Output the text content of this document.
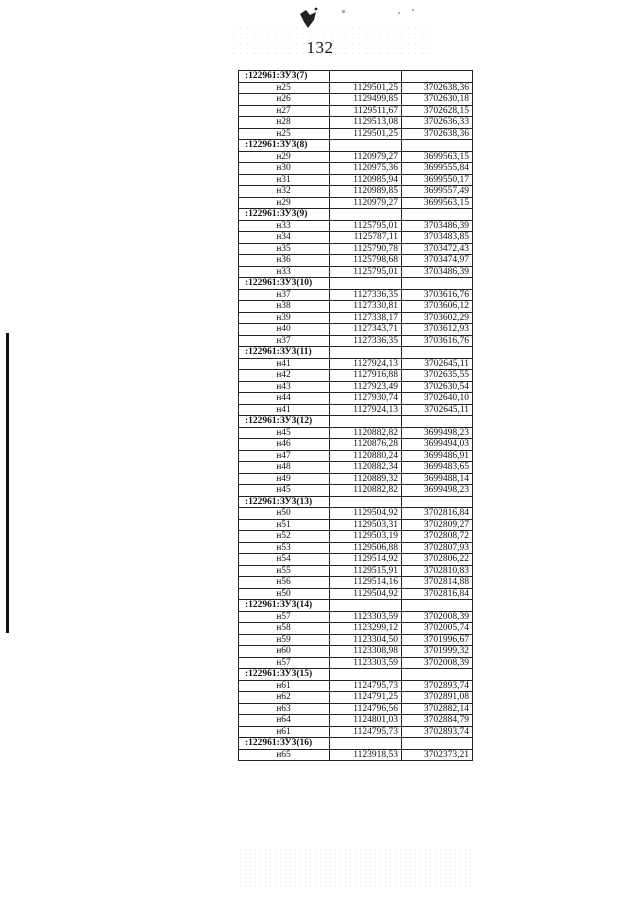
132
:122961:ЗУ3(7)		
н25	1129501,25	3702638,36
н26	1129499,85	3702630,18
н27	1129511,67	3702628,15
н28	1129513,08	3702636,33
н25	1129501,25	3702638,36
:122961:ЗУ3(8)		
н29	1120979,27	3699563,15
н30	1120975,36	3699555,84
н31	1120985,94	3699550,17
н32	1120989,85	3699557,49
н29	1120979,27	3699563,15
:122961:ЗУ3(9)		
н33	1125795,01	3703486,39
н34	1125787,11	3703483,85
н35	1125790,78	3703472,43
н36	1125798,68	3703474,97
н33	1125795,01	3703486,39
:122961:ЗУ3(10)		
н37	1127336,35	3703616,76
н38	1127330,81	3703606,12
н39	1127338,17	3703602,29
н40	1127343,71	3703612,93
н37	1127336,35	3703616,76
:122961:ЗУ3(11)		
н41	1127924,13	3702645,11
н42	1127916,88	3702635,55
н43	1127923,49	3702630,54
н44	1127930,74	3702640,10
н41	1127924,13	3702645,11
:122961:ЗУ3(12)		
н45	1120882,82	3699498,23
н46	1120876,28	3699494,03
н47	1120880,24	3699486,91
н48	1120882,34	3699483,65
н49	1120889,32	3699488,14
н45	1120882,82	3699498,23
:122961:ЗУ3(13)		
н50	1129504,92	3702816,84
н51	1129503,31	3702809,27
н52	1129503,19	3702808,72
н53	1129506,88	3702807,93
н54	1129514,92	3702806,22
н55	1129515,91	3702810,83
н56	1129514,16	3702814,88
н50	1129504,92	3702816,84
:122961:ЗУ3(14)		
н57	1123303,59	3702008,39
н58	1123299,12	3702005,74
н59	1123304,50	3701996,67
н60	1123308,98	3701999,32
н57	1123303,59	3702008,39
:122961:ЗУ3(15)		
н61	1124795,73	3702893,74
н62	1124791,25	3702891,08
н63	1124796,56	3702882,14
н64	1124801,03	3702884,79
н61	1124795,73	3702893,74
:122961:ЗУ3(16)		
н65	1123918,53	3702373,21
